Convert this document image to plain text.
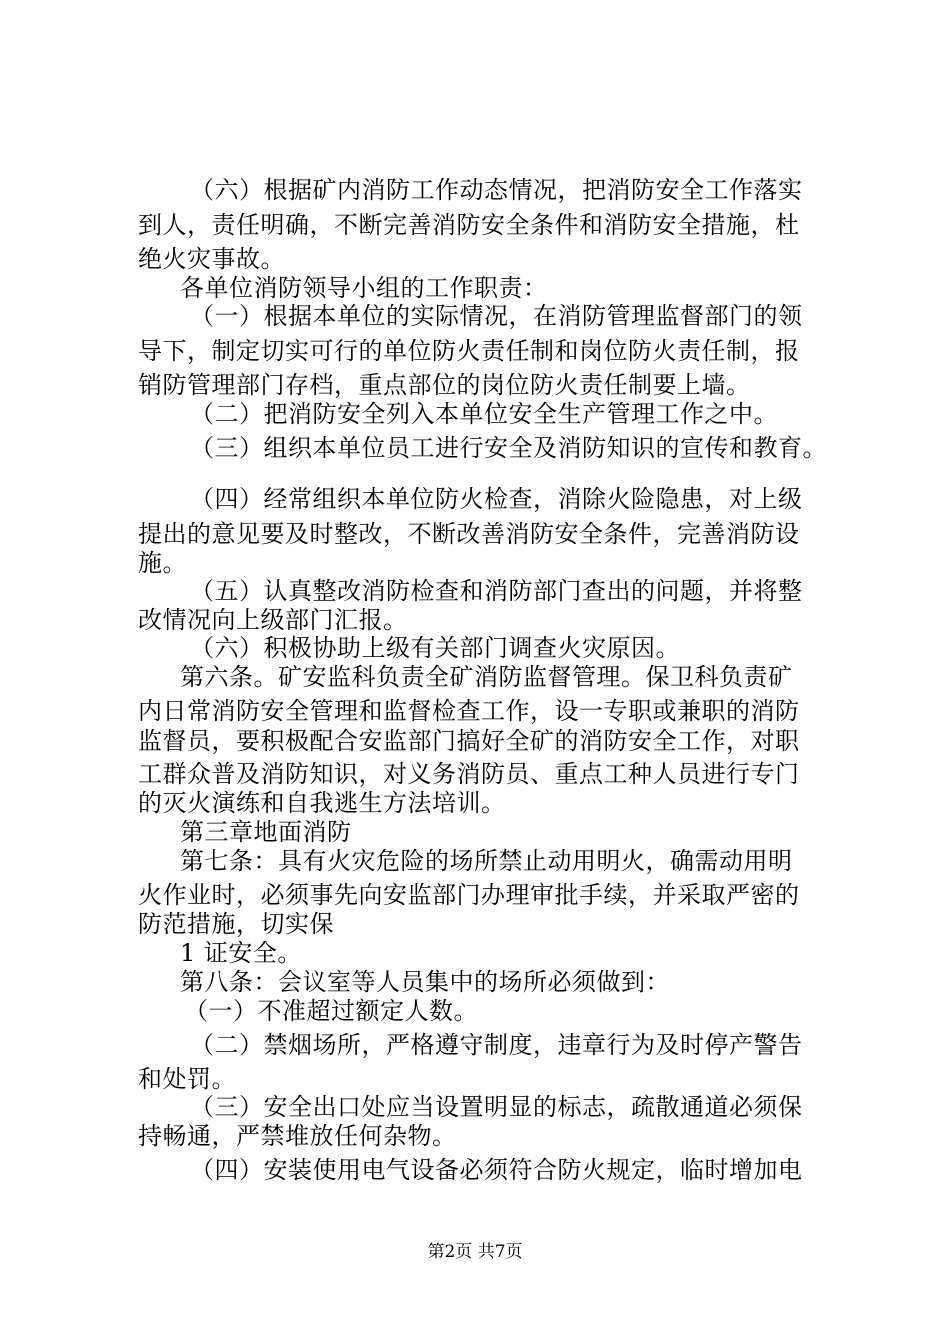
（六）根据矿内消防工作动态情况，把消防安全工作落实
到人，责任明确，不断完善消防安全条件和消防安全措施，杜
绝火灾事故。
各单位消防领导小组的工作职责：
（一）根据本单位的实际情况，在消防管理监督部门的领
导下，制定切实可行的单位防火责任制和岗位防火责任制，报
销防管理部门存档，重点部位的岗位防火责任制要上墙。
（二）把消防安全列入本单位安全生产管理工作之中。
（三）组织本单位员工进行安全及消防知识的宣传和教育。
（四）经常组织本单位防火检查，消除火险隐患，对上级
提出的意见要及时整改，不断改善消防安全条件，完善消防设
施。
（五）认真整改消防检查和消防部门查出的问题，并将整
改情况向上级部门汇报。
（六）积极协助上级有关部门调查火灾原因。
第六条。矿安监科负责全矿消防监督管理。保卫科负责矿
内日常消防安全管理和监督检查工作，设一专职或兼职的消防
监督员，要积极配合安监部门搞好全矿的消防安全工作，对职
工群众普及消防知识，对义务消防员、重点工种人员进行专门
的灭火演练和自我逃生方法培训。
第三章地面消防
第七条：具有火灾危险的场所禁止动用明火，确需动用明
火作业时，必须事先向安监部门办理审批手续，并采取严密的
防范措施，切实保
1 证安全。
第八条：会议室等人员集中的场所必须做到：
（一）不准超过额定人数。
（二）禁烟场所，严格遵守制度，违章行为及时停产警告
和处罚。
（三）安全出口处应当设置明显的标志，疏散通道必须保
持畅通，严禁堆放任何杂物。
（四）安装使用电气设备必须符合防火规定，临时增加电
第2页 共7页
